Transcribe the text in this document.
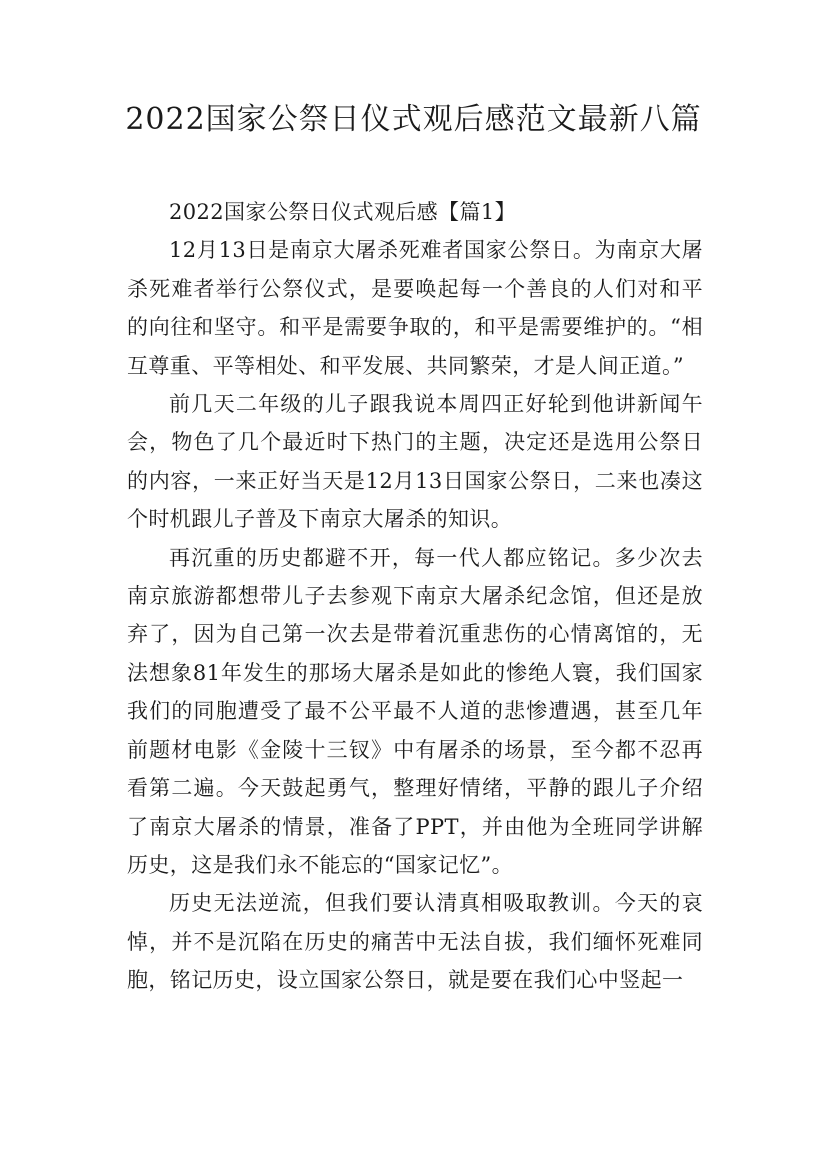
2022国家公祭日仪式观后感范文最新八篇

2022国家公祭日仪式观后感【篇1】

12月13日是南京大屠杀死难者国家公祭日。为南京大屠杀死难者举行公祭仪式，是要唤起每一个善良的人们对和平的向往和坚守。和平是需要争取的，和平是需要维护的。“相互尊重、平等相处、和平发展、共同繁荣，才是人间正道。”

前几天二年级的儿子跟我说本周四正好轮到他讲新闻午会，物色了几个最近时下热门的主题，决定还是选用公祭日的内容，一来正好当天是12月13日国家公祭日，二来也凑这个时机跟儿子普及下南京大屠杀的知识。

再沉重的历史都避不开，每一代人都应铭记。多少次去南京旅游都想带儿子去参观下南京大屠杀纪念馆，但还是放弃了，因为自己第一次去是带着沉重悲伤的心情离馆的，无法想象81年发生的那场大屠杀是如此的惨绝人寰，我们国家我们的同胞遭受了最不公平最不人道的悲惨遭遇，甚至几年前题材电影《金陵十三钗》中有屠杀的场景，至今都不忍再看第二遍。今天鼓起勇气，整理好情绪，平静的跟儿子介绍了南京大屠杀的情景，准备了PPT，并由他为全班同学讲解历史，这是我们永不能忘的“国家记忆”。

历史无法逆流，但我们要认清真相吸取教训。今天的哀悼，并不是沉陷在历史的痛苦中无法自拔，我们缅怀死难同胞，铭记历史，设立国家公祭日，就是要在我们心中竖起一
